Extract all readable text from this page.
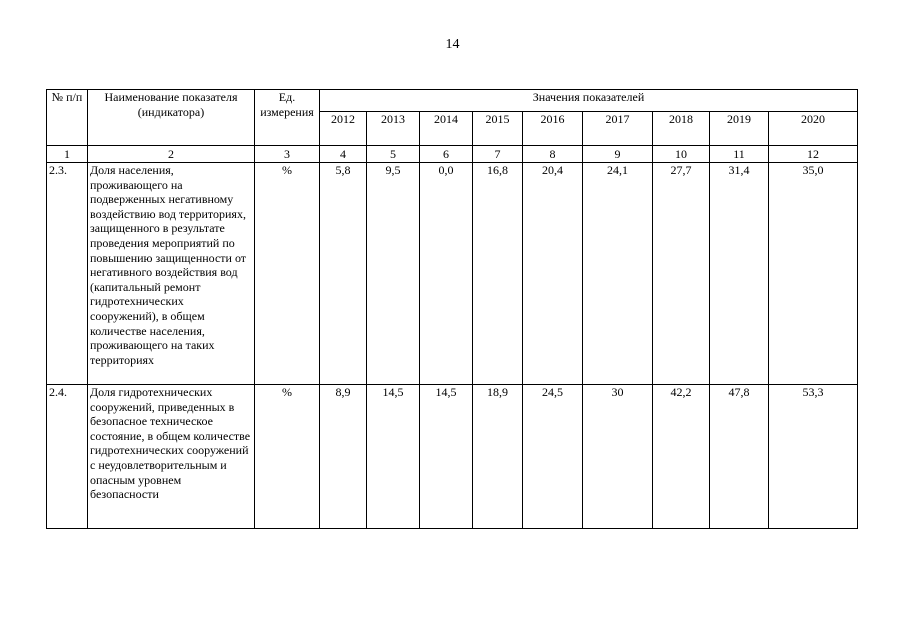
14
№ п/п	Наименование показателя (индикатора)	Ед. измерения	Значения показателей								
			2012	2013	2014	2015	2016	2017	2018	2019	2020
1	2	3	4	5	6	7	8	9	10	11	12
2.3.	Доля населения, проживающего на подверженных негативному воздействию вод территориях, защищенного в результате проведения мероприятий по повышению защищенности от негативного воздействия вод (капитальный ремонт гидротехнических сооружений), в общем количестве населения, проживающего на таких территориях	%	5,8	9,5	0,0	16,8	20,4	24,1	27,7	31,4	35,0
2.4.	Доля гидротехнических сооружений, приведенных в безопасное техническое состояние, в общем количестве гидротехнических сооружений с неудовлетворительным и опасным уровнем безопасности	%	8,9	14,5	14,5	18,9	24,5	30	42,2	47,8	53,3
